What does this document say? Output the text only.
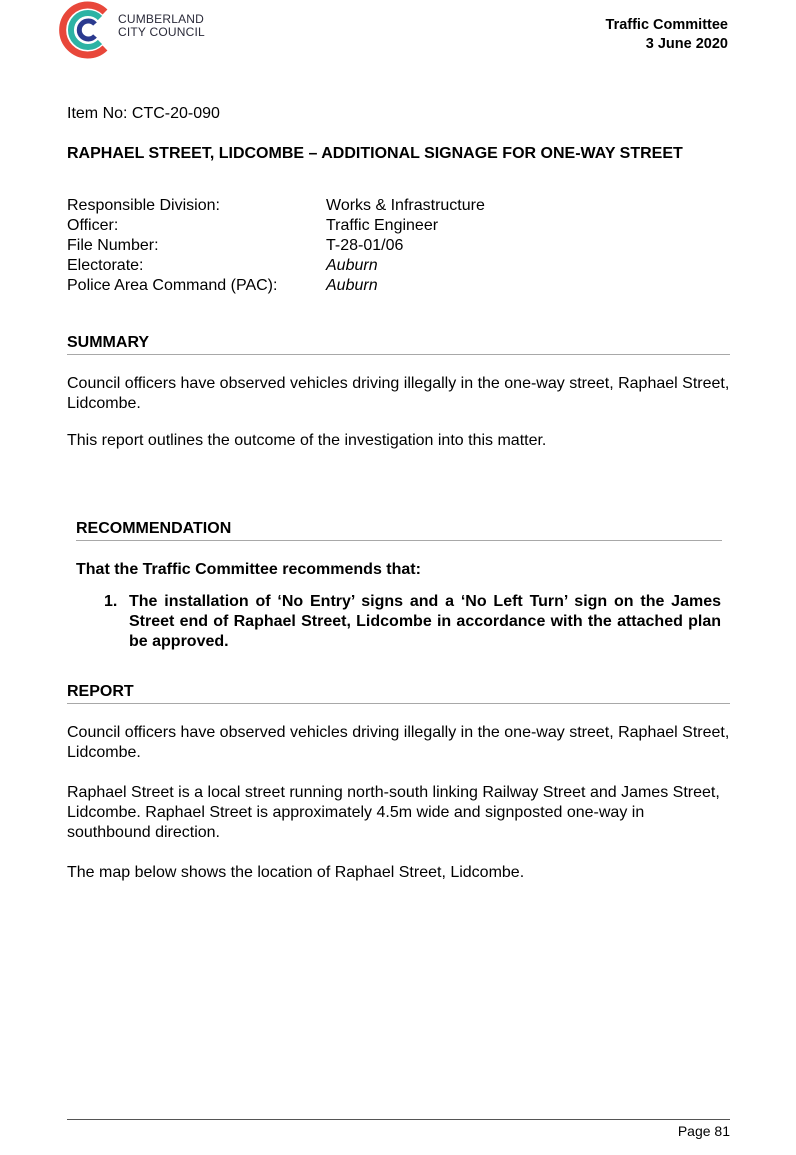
CUMBERLAND
CITY COUNCIL	Traffic Committee
3 June 2020
Item No: CTC-20-090
RAPHAEL STREET, LIDCOMBE – ADDITIONAL SIGNAGE FOR ONE-WAY STREET
Responsible Division:	Works & Infrastructure
Officer:	Traffic Engineer
File Number:	T-28-01/06
Electorate:	Auburn
Police Area Command (PAC):	Auburn
SUMMARY
Council officers have observed vehicles driving illegally in the one-way street, Raphael Street, Lidcombe.
This report outlines the outcome of the investigation into this matter.
RECOMMENDATION
That the Traffic Committee recommends that:
1. The installation of ‘No Entry’ signs and a ‘No Left Turn’ sign on the James Street end of Raphael Street, Lidcombe in accordance with the attached plan be approved.
REPORT
Council officers have observed vehicles driving illegally in the one-way street, Raphael Street, Lidcombe.
Raphael Street is a local street running north-south linking Railway Street and James Street, Lidcombe. Raphael Street is approximately 4.5m wide and signposted one-way in southbound direction.
The map below shows the location of Raphael Street, Lidcombe.
Page 81
